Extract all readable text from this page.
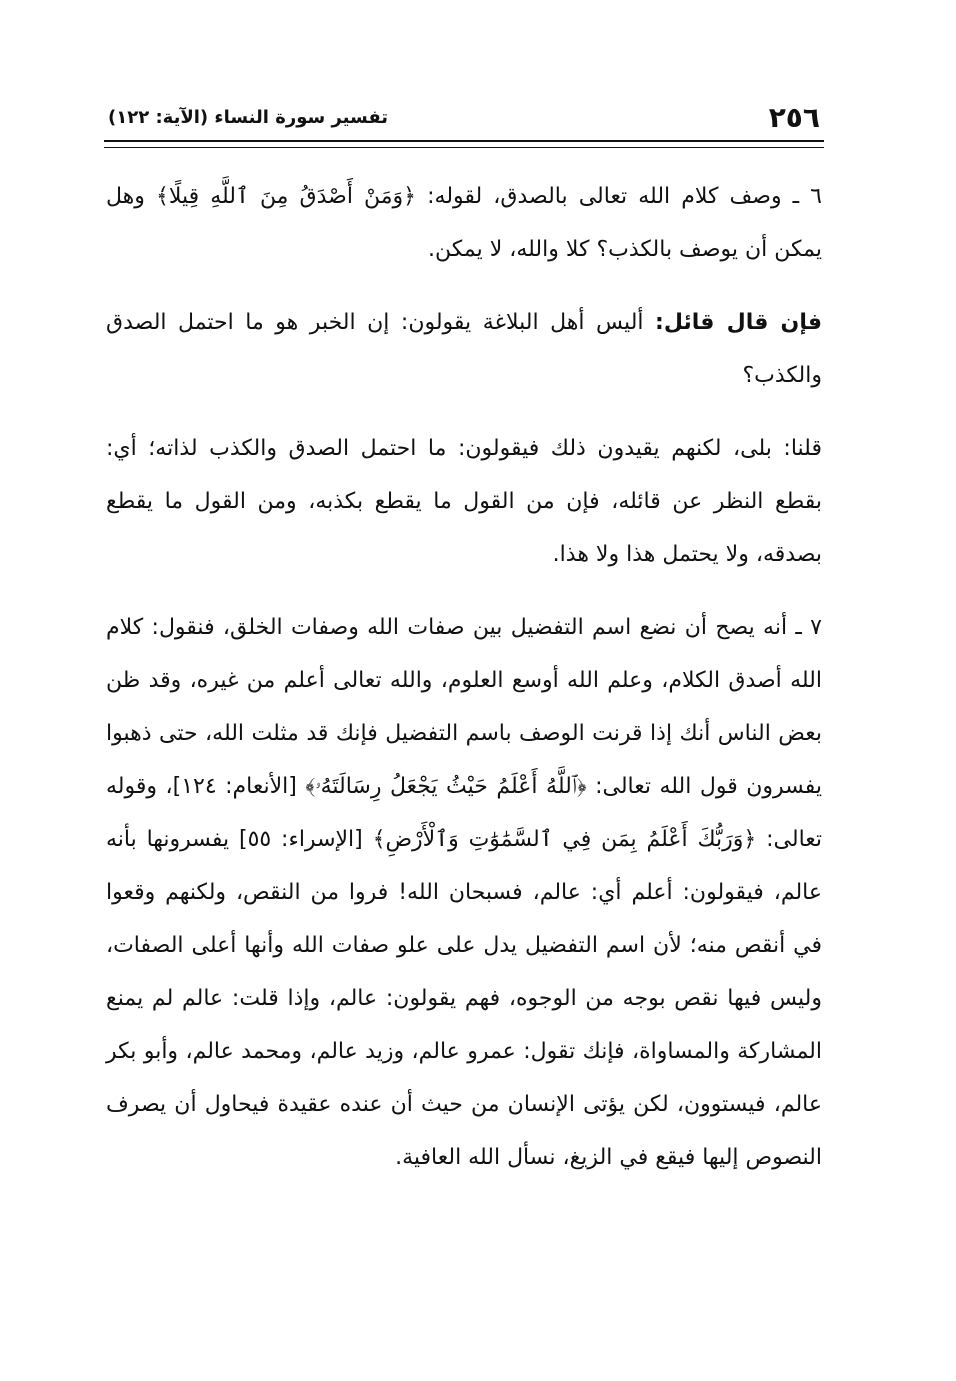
٢٥٦
تفسير سورة النساء (الآية: ١٢٢)

٦ ـ وصف كلام الله تعالى بالصدق، لقوله: ﴿وَمَنْ أَصْدَقُ مِنَ ٱللَّهِ قِيلًا﴾ وهل يمكن أن يوصف بالكذب؟ كلا والله، لا يمكن.

فإن قال قائل: أليس أهل البلاغة يقولون: إن الخبر هو ما احتمل الصدق والكذب؟

قلنا: بلى، لكنهم يقيدون ذلك فيقولون: ما احتمل الصدق والكذب لذاته؛ أي: بقطع النظر عن قائله، فإن من القول ما يقطع بكذبه، ومن القول ما يقطع بصدقه، ولا يحتمل هذا ولا هذا.

٧ ـ أنه يصح أن نضع اسم التفضيل بين صفات الله وصفات الخلق، فنقول: كلام الله أصدق الكلام، وعلم الله أوسع العلوم، والله تعالى أعلم من غيره، وقد ظن بعض الناس أنك إذا قرنت الوصف باسم التفضيل فإنك قد مثلت الله، حتى ذهبوا يفسرون قول الله تعالى: ﴿ٱللَّهُ أَعْلَمُ حَيْثُ يَجْعَلُ رِسَالَتَهُۥ﴾ [الأنعام: ١٢٤]، وقوله تعالى: ﴿وَرَبُّكَ أَعْلَمُ بِمَن فِي ٱلسَّمَٰوَٰتِ وَٱلْأَرْضِ﴾ [الإسراء: ٥٥] يفسرونها بأنه عالم، فيقولون: أعلم أي: عالم، فسبحان الله! فروا من النقص، ولكنهم وقعوا في أنقص منه؛ لأن اسم التفضيل يدل على علو صفات الله وأنها أعلى الصفات، وليس فيها نقص بوجه من الوجوه، فهم يقولون: عالم، وإذا قلت: عالم لم يمنع المشاركة والمساواة، فإنك تقول: عمرو عالم، وزيد عالم، ومحمد عالم، وأبو بكر عالم، فيستوون، لكن يؤتى الإنسان من حيث أن عنده عقيدة فيحاول أن يصرف النصوص إليها فيقع في الزيغ، نسأل الله العافية.
